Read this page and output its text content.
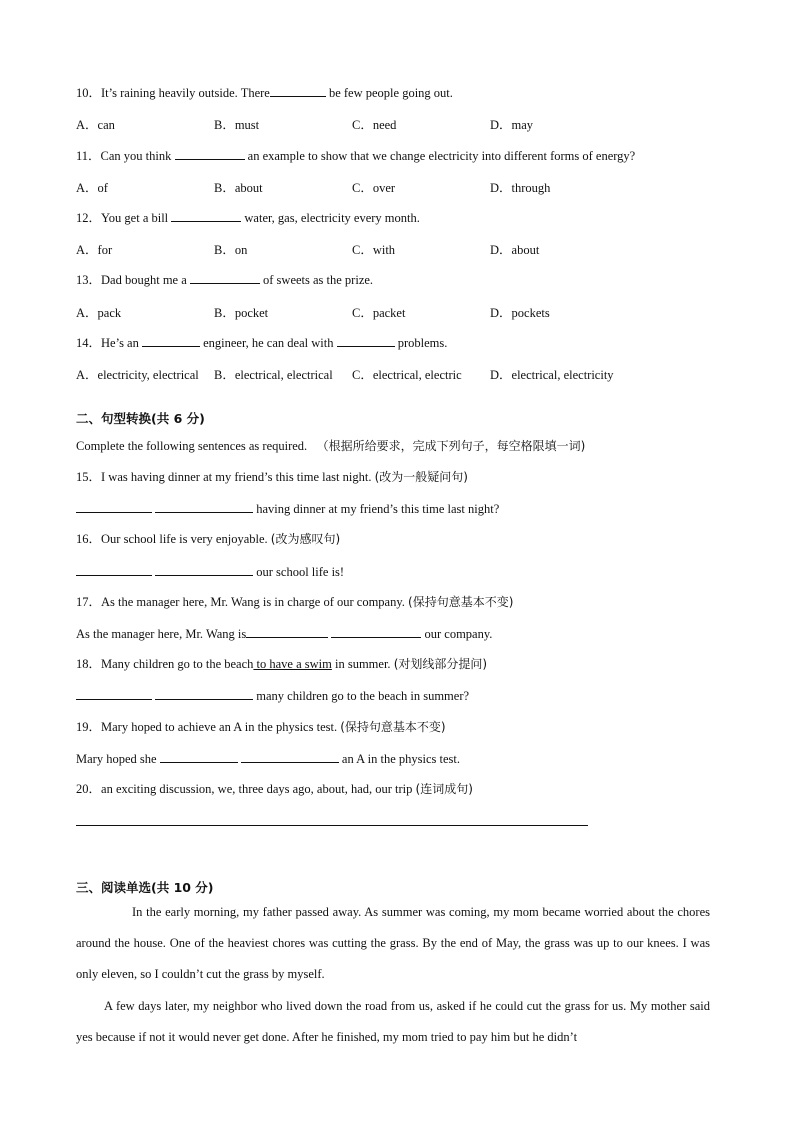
10．It’s raining heavily outside. There	be few people going out.
A．can	B．must	C．need	D．may
11．Can you think	an example to show that we change electricity into different forms of energy?
A．of	B．about	C．over	D．through
12．You get a bill	water, gas, electricity every month.
A．for	B．on	C．with	D．about
13．Dad bought me a	of sweets as the prize.
A．pack	B．pocket	C．packet	D．pockets
14．He’s an	engineer, he can deal with	problems.
A．electricity, electrical B．electrical, electrical C．electrical, electric D．electrical, electricity
二、句型转换(共 6 分)
Complete the following sentences as required. （根据所给要求，完成下列句子，每空格限填一词)
15．I was having dinner at my friend’s this time last night. (改为一般疑问句)
having dinner at my friend’s this time last night?
16．Our school life is very enjoyable. (改为感叹句)
our school life is!
17．As the manager here, Mr. Wang is in charge of our company. (保持句意基本不变)
As the manager here, Mr. Wang is	our company.
18．Many children go to the beach to have a swim in summer. (对划线部分提问)
many children go to the beach in summer?
19．Mary hoped to achieve an A in the physics test. (保持句意基本不变)
Mary hoped she	an A in the physics test.
20．an exciting discussion, we, three days ago, about, had, our trip (连词成句)
三、阅读单选(共 10 分)
In the early morning, my father passed away. As summer was coming, my mom became worried about the chores around the house. One of the heaviest chores was cutting the grass. By the end of May, the grass was up to our knees. I was only eleven, so I couldn’t cut the grass by myself.
A few days later, my neighbor who lived down the road from us, asked if he could cut the grass for us. My mother said yes because if not it would never get done. After he finished, my mom tried to pay him but he didn’t
